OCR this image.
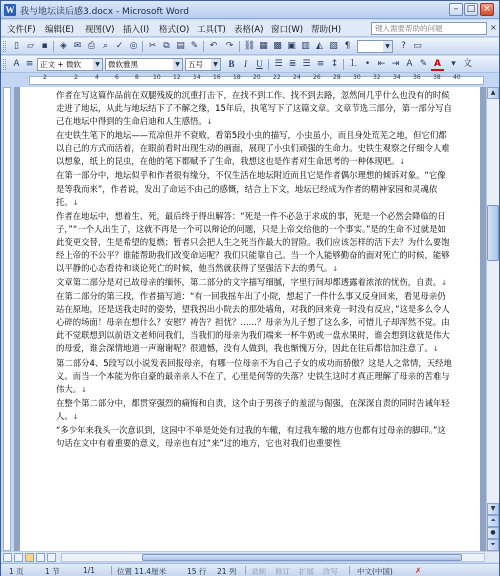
W 我与地坛读后感3.docx - Microsoft Word	– □ ×
文件(F) 编辑(E) 视图(V) 插入(I) 格式(O) 工具(T) 表格(A) 窗口(W) 帮助(H)	键入需要帮助的问题	×
▯ ▱ ▪	◈ ✉ ⎙ ⌕ ✓ ◎	✂ ⧉ ▤ ✎	↶ ↷	⛓ ▦ ▩ ▣ ▥ ◭ ▧ ¶	▼	? ▭
A ≡ 正文 + 微软	▼	微软雅黑	▼	五号	▼	B	I	U	☰ ≣ ☰ ≡ ↕	⒈ • ⇤ ⇥ A ✎ A	▾ 文
2	2	4	6	8 10 12 14 16 18 20 22 24 26 28 30 32 34 36 38 40

作者在写这篇作品前在双腿残废的沉重打击下，在找不到工作、找不到去路，忽然间几乎什么也没有的时候走进了地坛，从此与地坛结下了不解之缘，15年后，执笔写下了这篇文章。文章节选三部分，第一部分写自己在地坛中得到的生命启迪和人生感悟。↓

在史铁生笔下的地坛——荒凉但并不衰败，看第5段小虫的描写，小虫虽小，而且身处荒芜之地，但它们都以自己的方式而活着，在眼前看时出现生动的画面，展现了小虫们顽强的生命力。史铁生观察之仔细令人难以想象，纸上的昆虫，在他的笔下都赋予了生命，我想这也是作者对生命思考的一种体现吧。↓

在第一部分中，地坛似乎和作者很有缘分，不仅生活在地坛附近而且它是作者偶尔理想的倾诉对象。“它像是等我而来”，作者说，发出了命运不由己的感慨，结合上下文，地坛已经成为作者的精神家园和灵魂依托。↓

作者在地坛中，想着生、死，最后终于得出解答：“死是一件不必急于求成的事，死是一个必然会降临的日子，”“一个人出生了，这就不再是一个可以辩论的问题，只是上帝交给他的一个事实。”是的生命不过就是如此变更交替，生是希望的复燃；暂者只会把人生之死当作最大的冒险。我们应该怎样的活下去？为什么要饱经上帝的不公平？谁能帮助我们改变命运呢？我们只能靠自己。当一个人能够勤奋的面对死亡的时候，能够以平静的心态看待和谈论死亡的时候，他当然就获得了坚强活下去的勇气。↓

文章第二部分是对已故母亲的缅怀，第二部分的文字描写细腻，字里行间却都透露着浓浓的忧伤，自责。↓

在第二部分的第三段，作者描写道：“有一回我摇车出了小院，想起了一件什么事又反身回来，看见母亲仍站在原地，还是送我走时的姿势，望我拐出小院去的那处墙角，对我的回来竟一时没有反应，”这是多么令人心碎的场面！母亲在想什么？安慰？祷告？担忧？……？母亲为儿子想了这么多，可惜儿子却浑然不觉。由此不觉联想到以前语文老师问我们，当我们的母亲为我们端来一杯牛奶或一盘水果时，谁会想到这就是伟大的母爱，谁会深情地道一声谢谢呢？很遗憾，没有人做到，我也惭愧万分，因此在往后都信加注意了。↓

第二部分4、5段写以小说发表回报母亲，有哪一位母亲不为自己子女的成功而骄傲？这是人之常情，天经地义。而当一个本能为你自豪的最亲亲人不在了，心里是何等的失落？史铁生这时才真正理解了母亲的苦难与伟大。↓

在整个第二部分中，都贯穿强烈的痛悔和自责，这个由于男孩子的羞涩与倔强，在深深自责的同时告诫年轻人。↓

“多少年来我头一次意识到，这园中不单是处处有过我的车辙，有过我车辙的地方也都有过母亲的脚印。”这句话在文中有着重要的意义，母亲也有过“来”过的地方，它也对我们也重要性

▲
▼
⏶
●
⏷
1 页	1 节	1/1	位置 11.4厘米	15 行 21 列 录制 修订 扩展 改写	中文(中国)	✗
